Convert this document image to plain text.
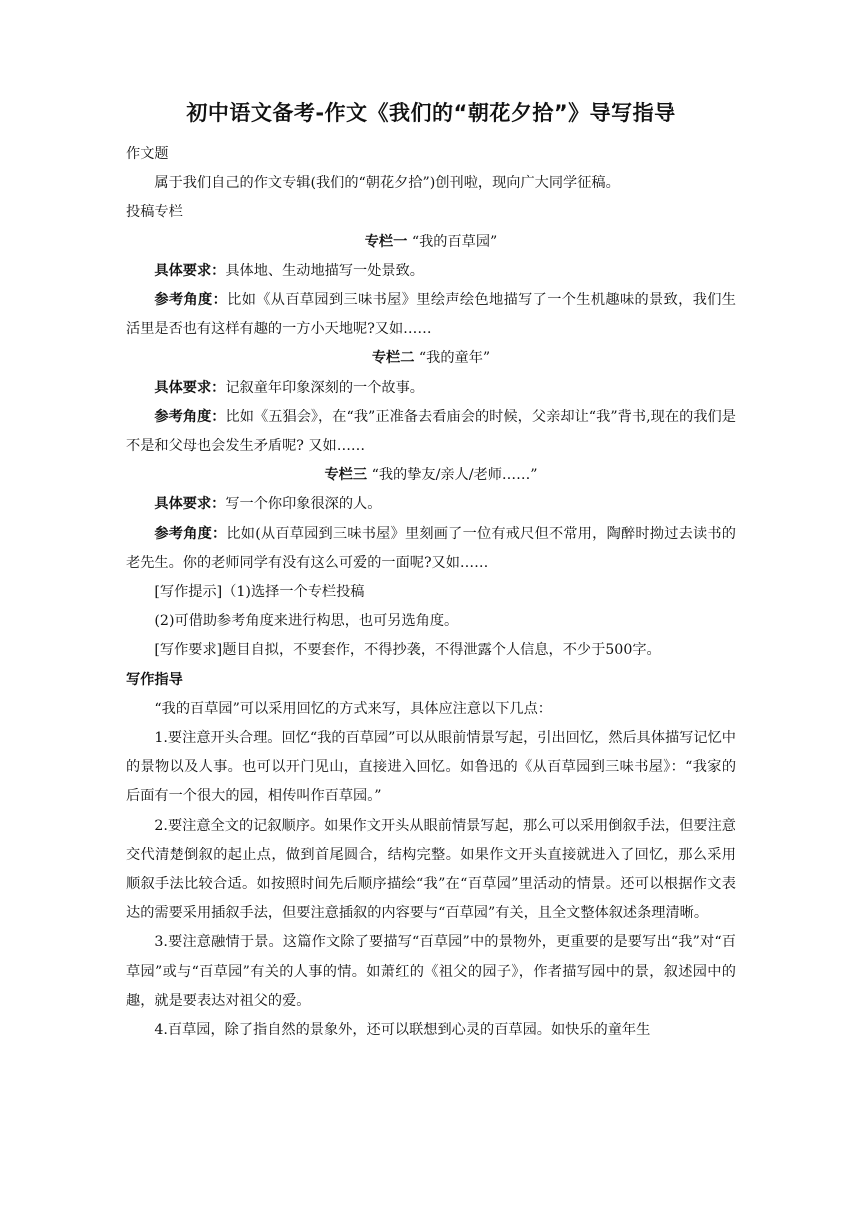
初中语文备考-作文《我们的“朝花夕拾”》导写指导

作文题

属于我们自己的作文专辑(我们的“朝花夕拾”)创刊啦，现向广大同学征稿。

投稿专栏

专栏一 “我的百草园”

具体要求：具体地、生动地描写一处景致。

参考角度：比如《从百草园到三味书屋》里绘声绘色地描写了一个生机趣味的景致，我们生活里是否也有这样有趣的一方小天地呢?又如……

专栏二 “我的童年”

具体要求：记叙童年印象深刻的一个故事。

参考角度：比如《五猖会》，在“我”正准备去看庙会的时候，父亲却让“我”背书,现在的我们是不是和父母也会发生矛盾呢? 又如……

专栏三 “我的挚友/亲人/老师……”

具体要求：写一个你印象很深的人。

参考角度：比如(从百草园到三味书屋》里刻画了一位有戒尺但不常用，陶醉时拗过去读书的老先生。你的老师同学有没有这么可爱的一面呢?又如……

[写作提示]（1)选择一个专栏投稿

(2)可借助参考角度来进行构思，也可另选角度。

[写作要求]题目自拟，不要套作，不得抄袭，不得泄露个人信息，不少于500字。

写作指导

“我的百草园”可以采用回忆的方式来写，具体应注意以下几点：

1.要注意开头合理。回忆“我的百草园”可以从眼前情景写起，引出回忆，然后具体描写记忆中的景物以及人事。也可以开门见山，直接进入回忆。如鲁迅的《从百草园到三味书屋》：“我家的后面有一个很大的园，相传叫作百草园。”

2.要注意全文的记叙顺序。如果作文开头从眼前情景写起，那么可以采用倒叙手法，但要注意交代清楚倒叙的起止点，做到首尾圆合，结构完整。如果作文开头直接就进入了回忆，那么采用顺叙手法比较合适。如按照时间先后顺序描绘“我”在“百草园”里活动的情景。还可以根据作文表达的需要采用插叙手法，但要注意插叙的内容要与“百草园”有关，且全文整体叙述条理清晰。

3.要注意融情于景。这篇作文除了要描写“百草园”中的景物外，更重要的是要写出“我”对“百草园”或与“百草园”有关的人事的情。如萧红的《祖父的园子》，作者描写园中的景，叙述园中的趣，就是要表达对祖父的爱。

4.百草园，除了指自然的景象外，还可以联想到心灵的百草园。如快乐的童年生
